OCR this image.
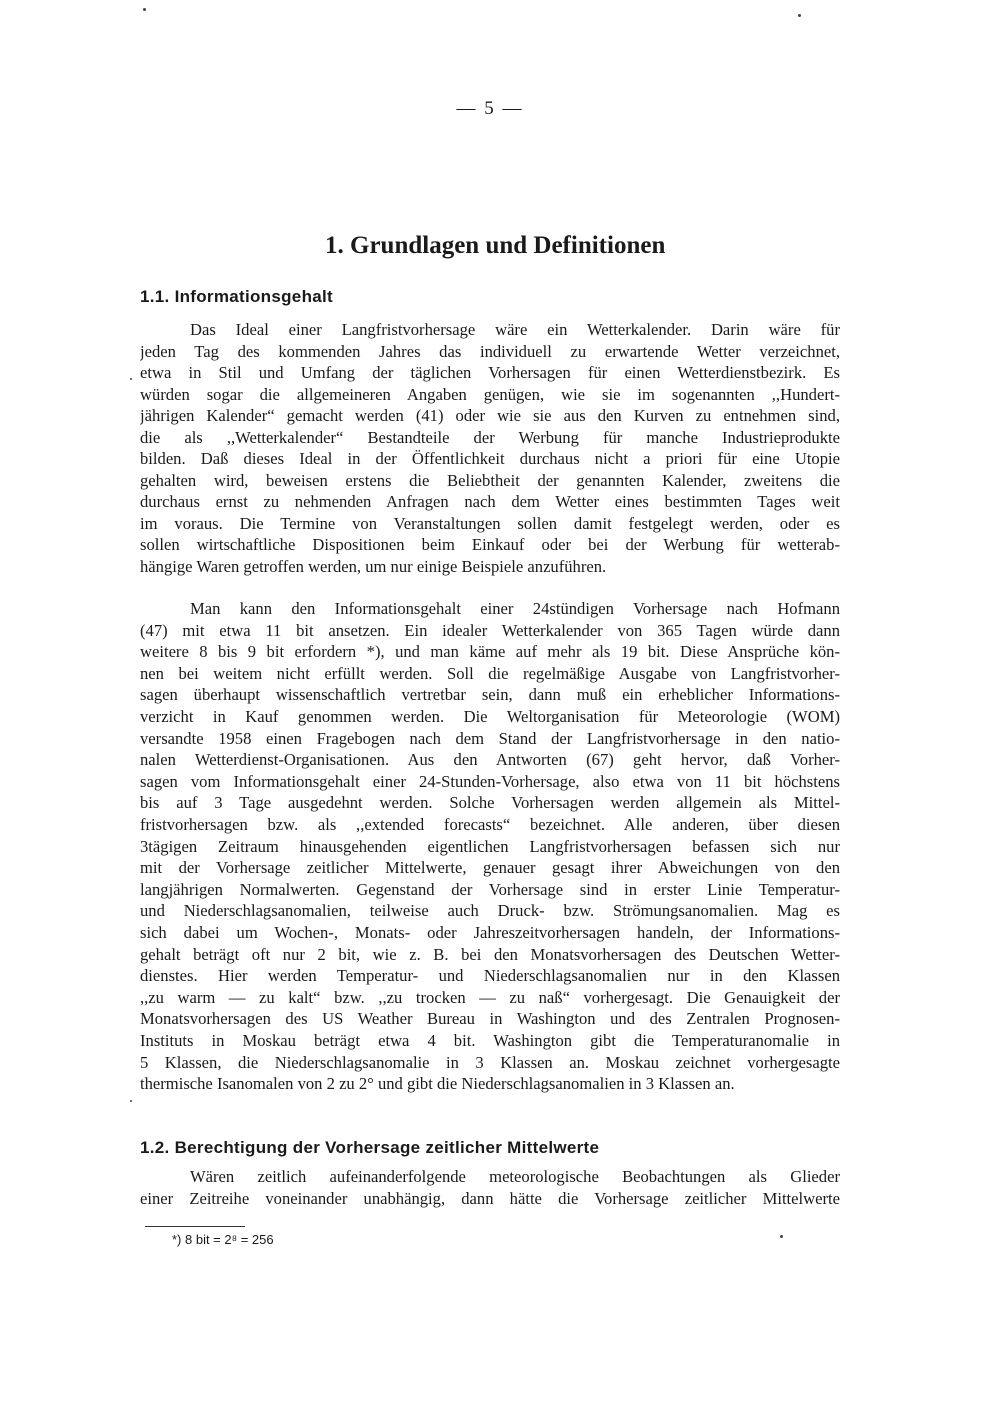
— 5 —
1. Grundlagen und Definitionen
1.1. Informationsgehalt
Das Ideal einer Langfristvorhersage wäre ein Wetterkalender. Darin wäre für
jeden Tag des kommenden Jahres das individuell zu erwartende Wetter verzeichnet,
etwa in Stil und Umfang der täglichen Vorhersagen für einen Wetterdienstbezirk. Es
würden sogar die allgemeineren Angaben genügen, wie sie im sogenannten ,,Hundert-
jährigen Kalender“ gemacht werden (41) oder wie sie aus den Kurven zu entnehmen sind,
die als ,,Wetterkalender“ Bestandteile der Werbung für manche Industrieprodukte
bilden. Daß dieses Ideal in der Öffentlichkeit durchaus nicht a priori für eine Utopie
gehalten wird, beweisen erstens die Beliebtheit der genannten Kalender, zweitens die
durchaus ernst zu nehmenden Anfragen nach dem Wetter eines bestimmten Tages weit
im voraus. Die Termine von Veranstaltungen sollen damit festgelegt werden, oder es
sollen wirtschaftliche Dispositionen beim Einkauf oder bei der Werbung für wetterab-
hängige Waren getroffen werden, um nur einige Beispiele anzuführen.
Man kann den Informationsgehalt einer 24stündigen Vorhersage nach Hofmann
(47) mit etwa 11 bit ansetzen. Ein idealer Wetterkalender von 365 Tagen würde dann
weitere 8 bis 9 bit erfordern *), und man käme auf mehr als 19 bit. Diese Ansprüche kön-
nen bei weitem nicht erfüllt werden. Soll die regelmäßige Ausgabe von Langfristvorher-
sagen überhaupt wissenschaftlich vertretbar sein, dann muß ein erheblicher Informations-
verzicht in Kauf genommen werden. Die Weltorganisation für Meteorologie (WOM)
versandte 1958 einen Fragebogen nach dem Stand der Langfristvorhersage in den natio-
nalen Wetterdienst-Organisationen. Aus den Antworten (67) geht hervor, daß Vorher-
sagen vom Informationsgehalt einer 24-Stunden-Vorhersage, also etwa von 11 bit höchstens
bis auf 3 Tage ausgedehnt werden. Solche Vorhersagen werden allgemein als Mittel-
fristvorhersagen bzw. als ,,extended forecasts“ bezeichnet. Alle anderen, über diesen
3tägigen Zeitraum hinausgehenden eigentlichen Langfristvorhersagen befassen sich nur
mit der Vorhersage zeitlicher Mittelwerte, genauer gesagt ihrer Abweichungen von den
langjährigen Normalwerten. Gegenstand der Vorhersage sind in erster Linie Temperatur-
und Niederschlagsanomalien, teilweise auch Druck- bzw. Strömungsanomalien. Mag es
sich dabei um Wochen-, Monats- oder Jahreszeitvorhersagen handeln, der Informations-
gehalt beträgt oft nur 2 bit, wie z. B. bei den Monatsvorhersagen des Deutschen Wetter-
dienstes. Hier werden Temperatur- und Niederschlagsanomalien nur in den Klassen
,,zu warm — zu kalt“ bzw. ,,zu trocken — zu naß“ vorhergesagt. Die Genauigkeit der
Monatsvorhersagen des US Weather Bureau in Washington und des Zentralen Prognosen-
Instituts in Moskau beträgt etwa 4 bit. Washington gibt die Temperaturanomalie in
5 Klassen, die Niederschlagsanomalie in 3 Klassen an. Moskau zeichnet vorhergesagte
thermische Isanomalen von 2 zu 2° und gibt die Niederschlagsanomalien in 3 Klassen an.
Wären zeitlich aufeinanderfolgende meteorologische Beobachtungen als Glieder
einer Zeitreihe voneinander unabhängig, dann hätte die Vorhersage zeitlicher Mittelwerte
1.2. Berechtigung der Vorhersage zeitlicher Mittelwerte
*) 8 bit = 2⁸ = 256
